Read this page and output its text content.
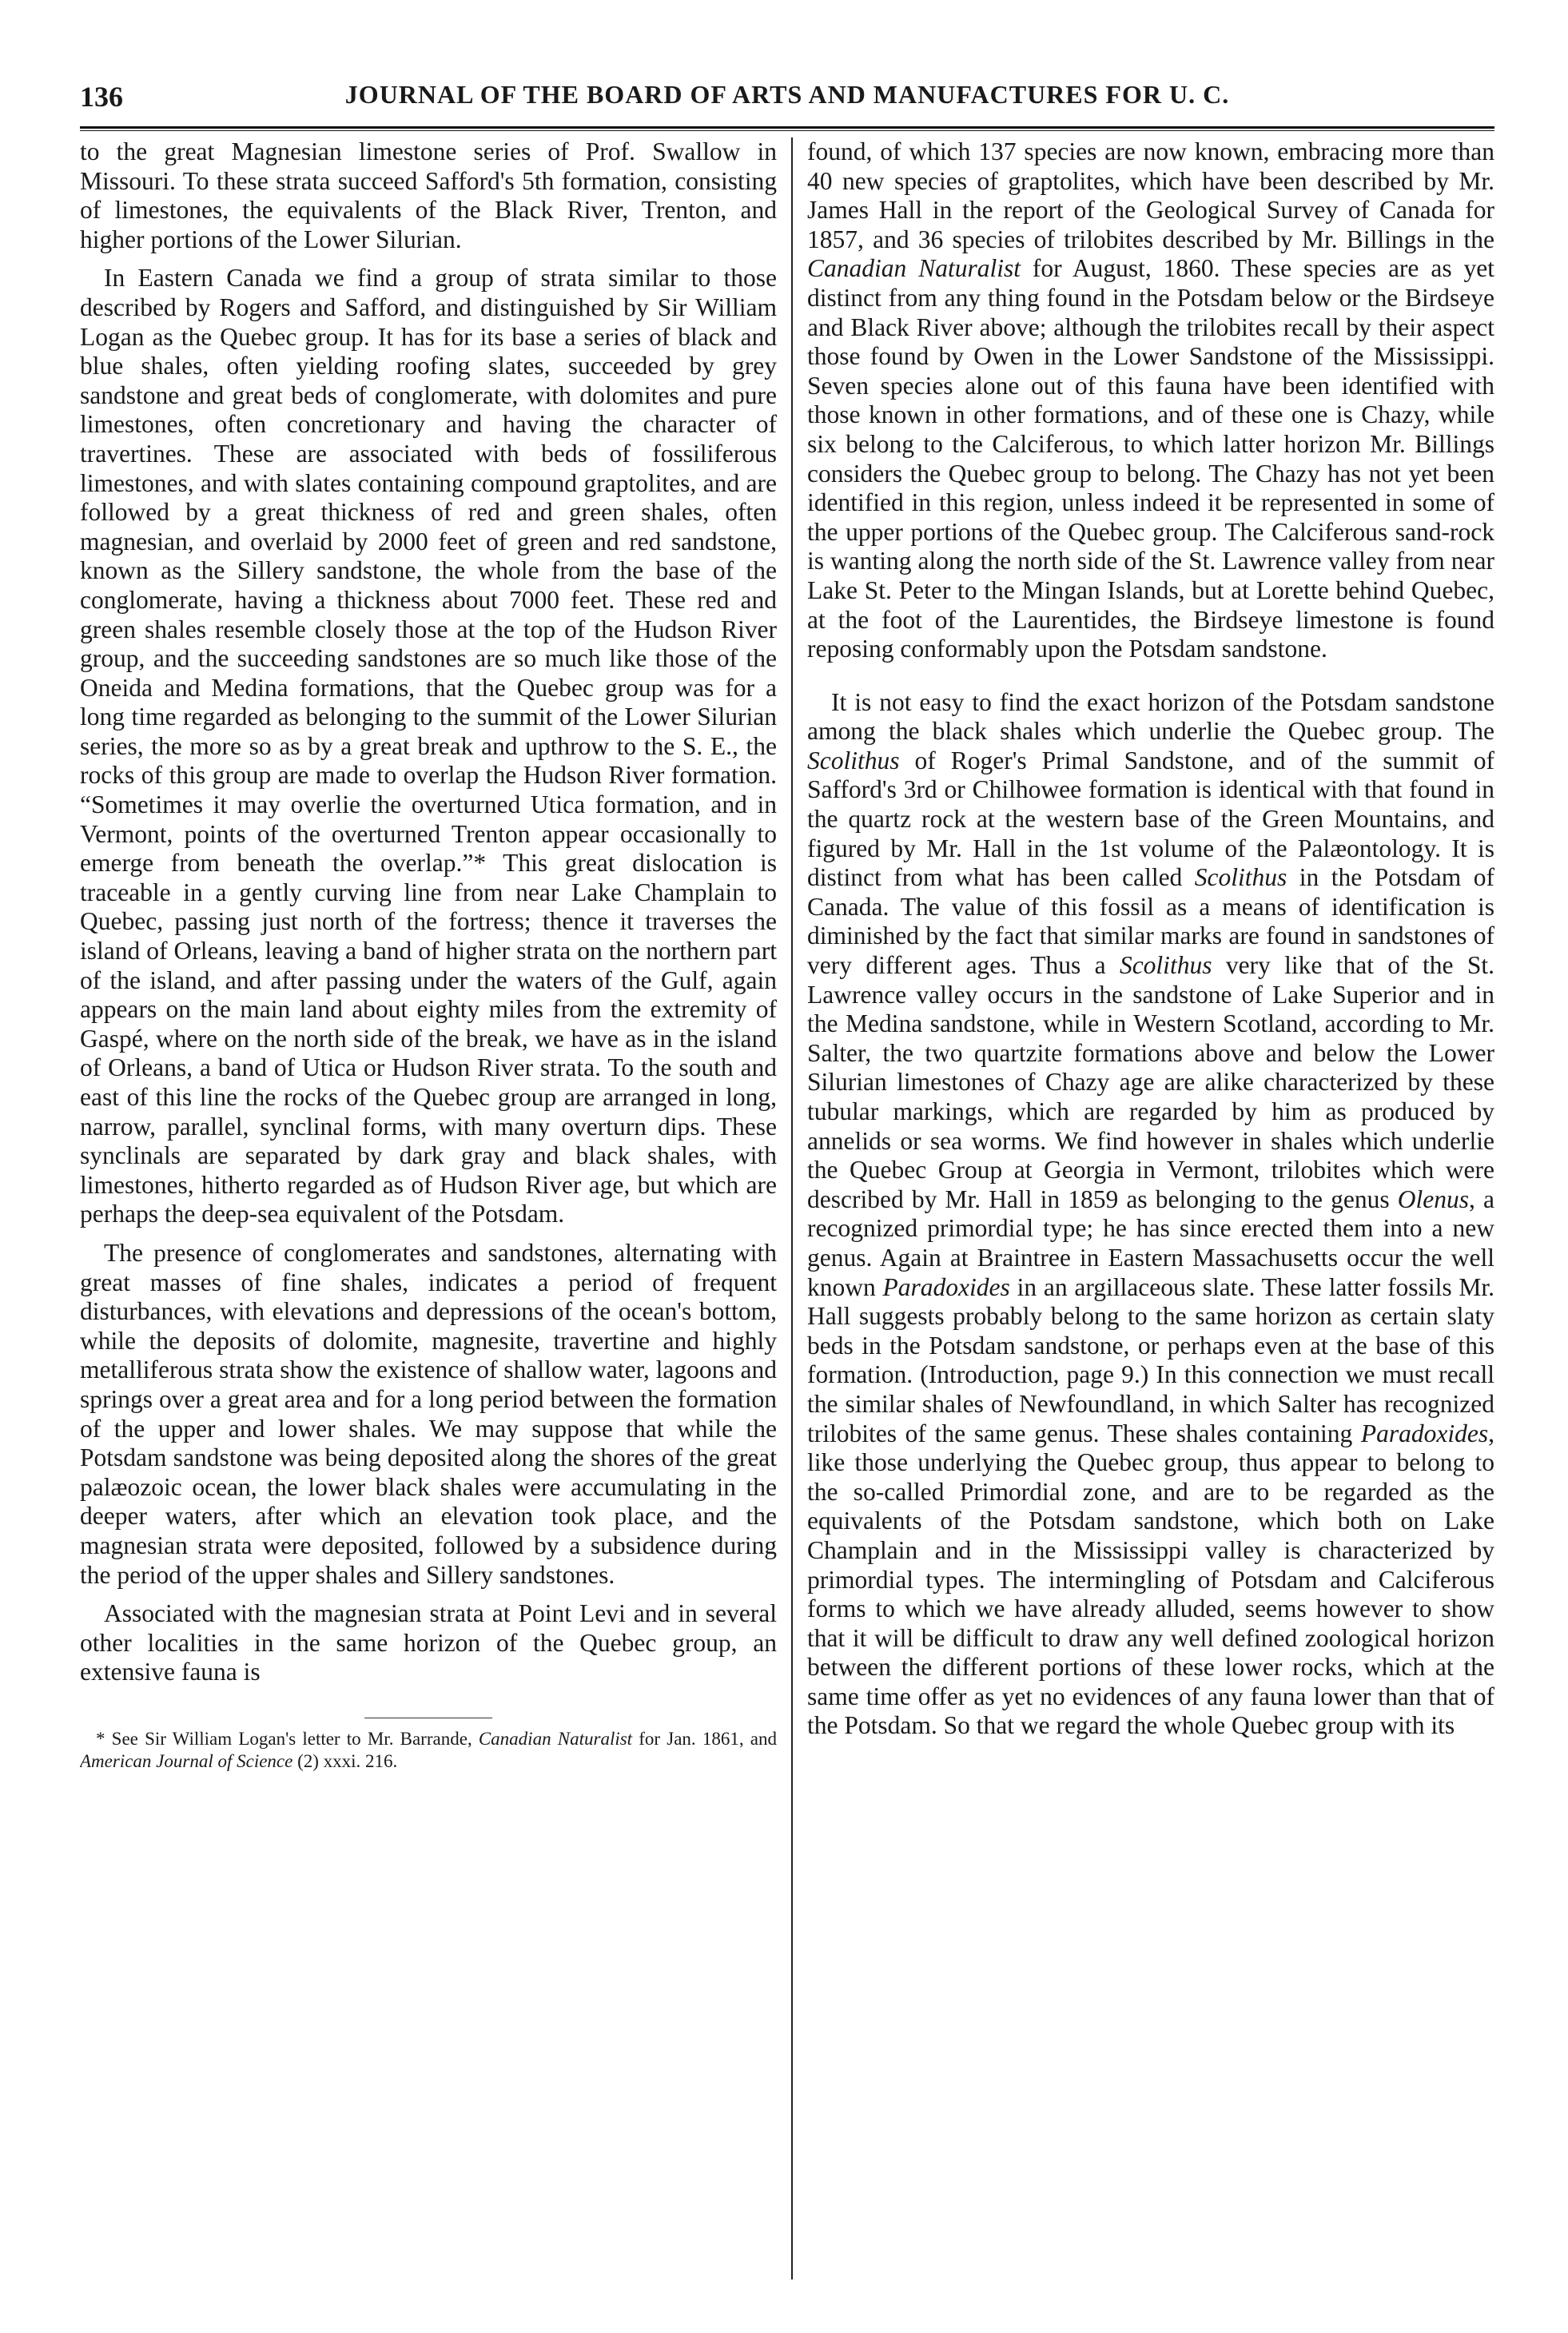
136	JOURNAL OF THE BOARD OF ARTS AND MANUFACTURES FOR U. C.

to the great Magnesian limestone series of Prof. Swallow in Missouri. To these strata succeed Safford's 5th formation, consisting of limestones, the equivalents of the Black River, Trenton, and higher portions of the Lower Silurian.

In Eastern Canada we find a group of strata similar to those described by Rogers and Safford, and distinguished by Sir William Logan as the Quebec group. It has for its base a series of black and blue shales, often yielding roofing slates, succeeded by grey sandstone and great beds of conglomerate, with dolomites and pure limestones, often concretionary and having the character of travertines. These are associated with beds of fossiliferous limestones, and with slates containing compound graptolites, and are followed by a great thickness of red and green shales, often magnesian, and overlaid by 2000 feet of green and red sandstone, known as the Sillery sandstone, the whole from the base of the conglomerate, having a thickness about 7000 feet. These red and green shales resemble closely those at the top of the Hudson River group, and the succeeding sandstones are so much like those of the Oneida and Medina formations, that the Quebec group was for a long time regarded as belonging to the summit of the Lower Silurian series, the more so as by a great break and upthrow to the S. E., the rocks of this group are made to overlap the Hudson River formation. “Sometimes it may overlie the overturned Utica formation, and in Vermont, points of the overturned Trenton appear occasionally to emerge from beneath the overlap.”* This great dislocation is traceable in a gently curving line from near Lake Champlain to Quebec, passing just north of the fortress; thence it traverses the island of Orleans, leaving a band of higher strata on the northern part of the island, and after passing under the waters of the Gulf, again appears on the main land about eighty miles from the extremity of Gaspé, where on the north side of the break, we have as in the island of Orleans, a band of Utica or Hudson River strata. To the south and east of this line the rocks of the Quebec group are arranged in long, narrow, parallel, synclinal forms, with many overturn dips. These synclinals are separated by dark gray and black shales, with limestones, hitherto regarded as of Hudson River age, but which are perhaps the deep-sea equivalent of the Potsdam.

The presence of conglomerates and sandstones, alternating with great masses of fine shales, indicates a period of frequent disturbances, with elevations and depressions of the ocean's bottom, while the deposits of dolomite, magnesite, travertine and highly metalliferous strata show the existence of shallow water, lagoons and springs over a great area and for a long period between the formation of the upper and lower shales. We may suppose that while the Potsdam sandstone was being deposited along the shores of the great palæozoic ocean, the lower black shales were accumulating in the deeper waters, after which an elevation took place, and the magnesian strata were deposited, followed by a subsidence during the period of the upper shales and Sillery sandstones.

Associated with the magnesian strata at Point Levi and in several other localities in the same horizon of the Quebec group, an extensive fauna is

* See Sir William Logan's letter to Mr. Barrande, Canadian Naturalist for Jan. 1861, and American Journal of Science (2) xxxi. 216.

found, of which 137 species are now known, embracing more than 40 new species of graptolites, which have been described by Mr. James Hall in the report of the Geological Survey of Canada for 1857, and 36 species of trilobites described by Mr. Billings in the Canadian Naturalist for August, 1860. These species are as yet distinct from any thing found in the Potsdam below or the Birdseye and Black River above; although the trilobites recall by their aspect those found by Owen in the Lower Sandstone of the Mississippi. Seven species alone out of this fauna have been identified with those known in other formations, and of these one is Chazy, while six belong to the Calciferous, to which latter horizon Mr. Billings considers the Quebec group to belong. The Chazy has not yet been identified in this region, unless indeed it be represented in some of the upper portions of the Quebec group. The Calciferous sand-rock is wanting along the north side of the St. Lawrence valley from near Lake St. Peter to the Mingan Islands, but at Lorette behind Quebec, at the foot of the Laurentides, the Birdseye limestone is found reposing conformably upon the Potsdam sandstone.

It is not easy to find the exact horizon of the Potsdam sandstone among the black shales which underlie the Quebec group. The Scolithus of Roger's Primal Sandstone, and of the summit of Safford's 3rd or Chilhowee formation is identical with that found in the quartz rock at the western base of the Green Mountains, and figured by Mr. Hall in the 1st volume of the Palæontology. It is distinct from what has been called Scolithus in the Potsdam of Canada. The value of this fossil as a means of identification is diminished by the fact that similar marks are found in sandstones of very different ages. Thus a Scolithus very like that of the St. Lawrence valley occurs in the sandstone of Lake Superior and in the Medina sandstone, while in Western Scotland, according to Mr. Salter, the two quartzite formations above and below the Lower Silurian limestones of Chazy age are alike characterized by these tubular markings, which are regarded by him as produced by annelids or sea worms. We find however in shales which underlie the Quebec Group at Georgia in Vermont, trilobites which were described by Mr. Hall in 1859 as belonging to the genus Olenus, a recognized primordial type; he has since erected them into a new genus. Again at Braintree in Eastern Massachusetts occur the well known Paradoxides in an argillaceous slate. These latter fossils Mr. Hall suggests probably belong to the same horizon as certain slaty beds in the Potsdam sandstone, or perhaps even at the base of this formation. (Introduction, page 9.) In this connection we must recall the similar shales of Newfoundland, in which Salter has recognized trilobites of the same genus. These shales containing Paradoxides, like those underlying the Quebec group, thus appear to belong to the so-called Primordial zone, and are to be regarded as the equivalents of the Potsdam sandstone, which both on Lake Champlain and in the Mississippi valley is characterized by primordial types. The intermingling of Potsdam and Calciferous forms to which we have already alluded, seems however to show that it will be difficult to draw any well defined zoological horizon between the different portions of these lower rocks, which at the same time offer as yet no evidences of any fauna lower than that of the Potsdam. So that we regard the whole Quebec group with its
